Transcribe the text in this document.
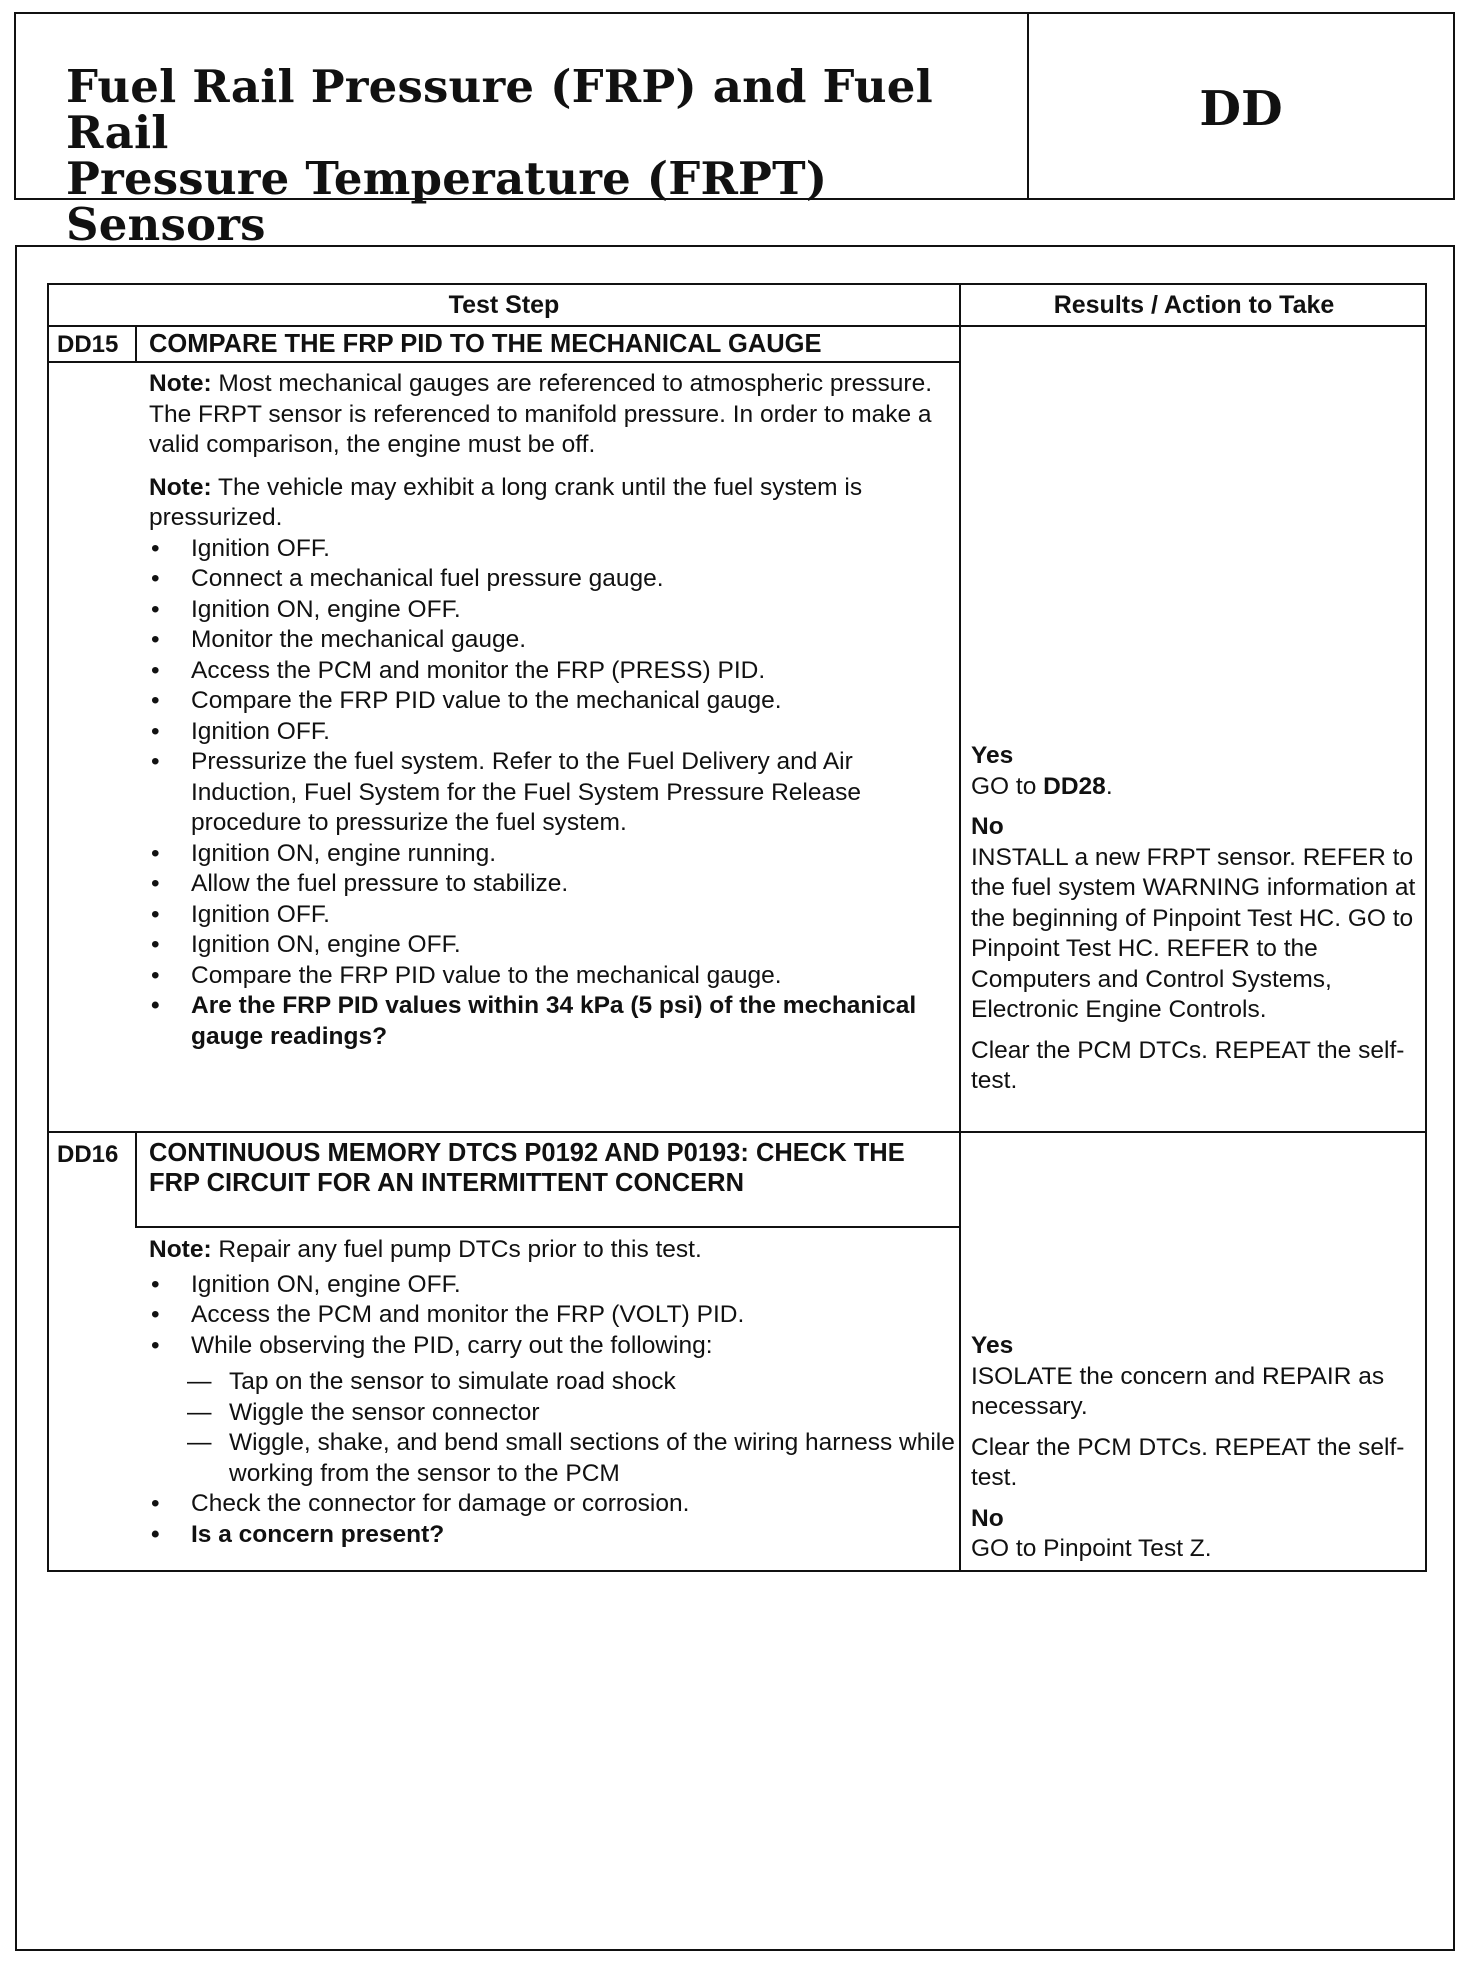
Fuel Rail Pressure (FRP) and Fuel Rail
Pressure Temperature (FRPT) Sensors
DD
Test Step	Results / Action to Take
DD15 COMPARE THE FRP PID TO THE MECHANICAL GAUGE

Note: Most mechanical gauges are referenced to atmospheric pressure. The FRPT sensor is referenced to manifold pressure. In order to make a valid comparison, the engine must be off.

Note: The vehicle may exhibit a long crank until the fuel system is pressurized.

• Ignition OFF.
• Connect a mechanical fuel pressure gauge.
• Ignition ON, engine OFF.
• Monitor the mechanical gauge.
• Access the PCM and monitor the FRP (PRESS) PID.
• Compare the FRP PID value to the mechanical gauge.
• Ignition OFF.
• Pressurize the fuel system. Refer to the Fuel Delivery and Air Induction, Fuel System for the Fuel System Pressure Release procedure to pressurize the fuel system.
• Ignition ON, engine running.
• Allow the fuel pressure to stabilize.
• Ignition OFF.
• Ignition ON, engine OFF.
• Compare the FRP PID value to the mechanical gauge.
• Are the FRP PID values within 34 kPa (5 psi) of the mechanical gauge readings?

Yes

GO to DD28.

No

INSTALL a new FRPT sensor. REFER to the fuel system WARNING information at the beginning of Pinpoint Test HC. GO to Pinpoint Test HC. REFER to the Computers and Control Systems, Electronic Engine Controls.

Clear the PCM DTCs. REPEAT the self-test.

DD16 CONTINUOUS MEMORY DTCS P0192 AND P0193: CHECK THE FRP CIRCUIT FOR AN INTERMITTENT CONCERN

Note: Repair any fuel pump DTCs prior to this test.

• Ignition ON, engine OFF.
• Access the PCM and monitor the FRP (VOLT) PID.
• While observing the PID, carry out the following:
— Tap on the sensor to simulate road shock
— Wiggle the sensor connector
— Wiggle, shake, and bend small sections of the wiring harness while working from the sensor to the PCM
• Check the connector for damage or corrosion.
• Is a concern present?

Yes

ISOLATE the concern and REPAIR as necessary.

Clear the PCM DTCs. REPEAT the self-test.

No

GO to Pinpoint Test Z.
